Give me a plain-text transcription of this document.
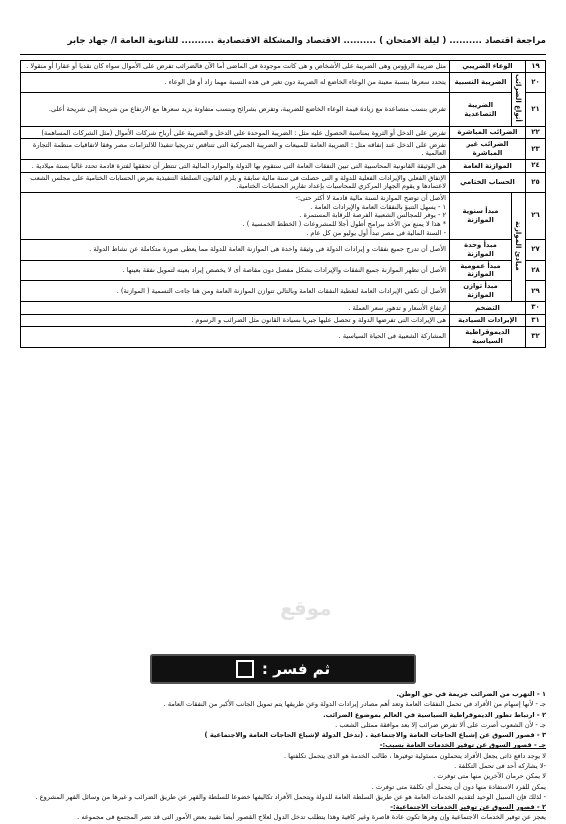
مراجعة اقتصاد .......... ( ليلة الامتحان ) .......... الاقتصاد والمشكلة الاقتصادية .......... للثانوية العامة أ/ جهاد جابر
١٩	الوعاء الضريبي		مثل ضريبة الرؤوس وهى الضريبة على الأشخاص و هى كانت موجودة فى الماضى أما الآن فالضرائب تفرض على الأموال سواء كان نقديا أو عقارا أو منقولا .
٢٠	أنواع الضرائب	الضريبة النسبية	يتحدد سعرها بنسبة معينة من الوعاء الخاضع له الضريبة دون تغير فى هذه النسبة مهما زاد أو قل الوعاء .
٢١		الضريبة التصاعدية	تفرض بنسب متصاعدة مع زيادة قيمة الوعاء الخاضع للضريبة، وتفرض بشرائح وبنسب متفاوتة يزيد سعرها مع الارتفاع من شريحة إلى شريحة أعلى.
٢٢	الضرائب المباشرة		تفرض على الدخل أو الثروة بمناسبة الحصول عليه مثل : الضريبة الموحدة على الدخل و الضريبة على أرباح شركات الأموال (مثل الشركات المساهمة)
٢٣	الضرائب غير المباشرة		تفرض على الدخل عند إنفاقه مثل : الضريبة العامة للمبيعات و الضريبة الجمركية التى تتناقص تدريجيا تنفيذا للالتزامات مصر وفقا لاتفاقيات منظمة التجارة العالمية .
٢٤	الموازنة العامة		هى الوثيقة القانونية المحاسبية التى تبين النفقات العامة التى ستقوم بها الدولة والموارد المالية التى تنتظر أن تحققها لفترة قادمة تحدد غالبا بسنة ميلادية .
٢٥	الحساب الختامي		الإنفاق الفعلي والإيرادات الفعلية للدولة و التى حصلت فى سنة مالية سابقة و يلزم القانون السلطة التنفيذية بعرض الحسابات الختامية على مجلس الشعب لاعتمادها و يقوم الجهاز المركزي للمحاسبات بإعداد تقارير الحسابات الختامية.
٢٦	مبادئ الموازنة	مبدأ سنوية الموازنة	الأصل أن توضح الموازنة لسنة مالية قادمة لا أكثر حتى:-
١ - يسهل التنبؤ بالنفقات العامة والإيرادات العامة .
٢ - يوفر للمجالس الشعبية الفرصة للرقابة المستمرة .
* هذا لا يمنع من الأخذ ببرامج أطول أجلا للمشروعات ( الخطط الخمسية ) .
- السنة المالية فى مصر تبدأ أول يوليو من كل عام .
٢٧		مبدأ وحدة الموازنة	الأصل أن تدرج جميع نفقات و إيرادات الدولة فى وثيقة واحدة هى الموازنة العامة للدولة مما يعطى صورة متكاملة عن نشاط الدولة .
٢٨		مبدأ عمومية الموازنة	الأصل أن تظهر الموازنة جميع النفقات والإيرادات بشكل مفصل دون مقاصة أى لا يخصص إيراد بعينه لتمويل نفقة بعينها .
٢٩		مبدأ توازن الموازنة	الأصل أن تكفي الإيرادات العامة لتغطية النفقات العامة وبالتالي تتوازن الموازنة العامة ومن هنا جاءت التسمية ( الموازنة) .
٣٠	التضخم		ارتفاع الأسعار و تدهور سعر العملة .
٣١	الإيرادات السيادية		هى الإيرادات التى تفرضها الدولة و تحصل عليها جبريا بسيادة القانون مثل الضرائب و الرسوم .
٣٢	الديموقراطية السياسية		المشاركة الشعبية فى الحياة السياسية .
موقع
ثم فسر :

١ - التهرب من الضرائب جريمة في حق الوطن.

جـ - لأنها إسهام من الأفراد في تحمل النفقات العامة وتعد أهم مصادر إيرادات الدولة وعن طريقها يتم تمويل الجانب الأكبر من النفقات العامة .

٢ - ارتباط تطور الديموقراطية السياسية في العالم بموضوع الضرائب.

جـ - لأن الشعوب أصرت على ألا تفرض ضرائب إلا بعد موافقة ممثلى الشعب .

٣ - قصور السوق عن إشباع الحاجات العامة والاجتماعية . (تدخل الدولة لإشباع الحاجات العامة والاجتماعية )

جـ - قصور السوق عن توفير الخدمات العامة بسبب:-

لا يوجد دافع ذاتى يجعل الأفراد يتحملون مسئولية توفيرها ، طالب الخدمة هو الذى يتحمل تكلفتها .

-لا يشاركه أحد فى تحمل التكلفة .

لا يمكن حرمان الآخرين منها متى توفرت .

يمكن للفرد الاستفادة منها دون أن يتحمل أى تكلفة متى توفرت .

- لذلك فإن السبيل الوحيد لتقديم الخدمات العامة هو عن طريق السلطة العامة للدولة ويتحمل الأفراد تكاليفها خضوعا للسلطة والقهر عن طريق الضرائب و غيرها من وسائل القهر المشروع .

٢ - قصور السوق عن توفير الخدمات الاجتماعية:-

يعجز عن توفير الخدمات الاجتماعية وإن وفرها تكون عادة قاصرة وغير كافية وهذا يتطلب تدخل الدول لعلاج القصور أيضا تقييد بعض الأمور التى قد تضر المجتمع فى مجموعه .
